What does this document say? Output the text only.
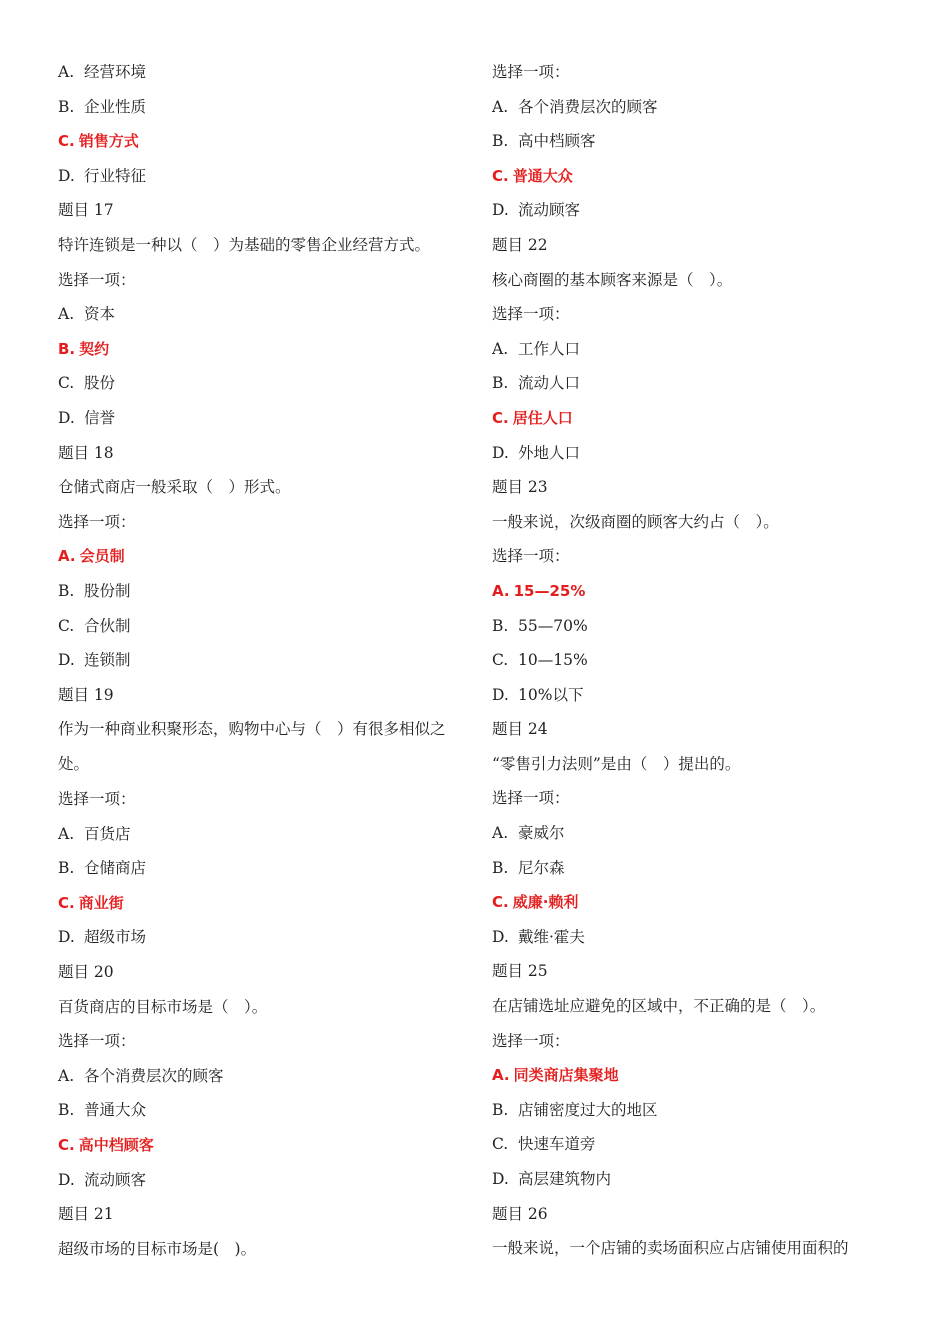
A. 经营环境
B. 企业性质
C. 销售方式
D. 行业特征
题目 17
特许连锁是一种以（　）为基础的零售企业经营方式。
选择一项：
A. 资本
B. 契约
C. 股份
D. 信誉
题目 18
仓储式商店一般采取（　）形式。
选择一项：
A. 会员制
B. 股份制
C. 合伙制
D. 连锁制
题目 19
作为一种商业积聚形态，购物中心与（　）有很多相似之处。
选择一项：
A. 百货店
B. 仓储商店
C. 商业街
D. 超级市场
题目 20
百货商店的目标市场是（　）。
选择一项：
A. 各个消费层次的顾客
B. 普通大众
C. 高中档顾客
D. 流动顾客
题目 21
超级市场的目标市场是(　)。
选择一项：
A. 各个消费层次的顾客
B. 高中档顾客
C. 普通大众
D. 流动顾客
题目 22
核心商圈的基本顾客来源是（　）。
选择一项：
A. 工作人口
B. 流动人口
C. 居住人口
D. 外地人口
题目 23
一般来说，次级商圈的顾客大约占（　）。
选择一项：
A. 15—25%
B. 55—70%
C. 10—15%
D. 10%以下
题目 24
“零售引力法则”是由（　）提出的。
选择一项：
A. 豪威尔
B. 尼尔森
C. 威廉·赖利
D. 戴维·霍夫
题目 25
在店铺选址应避免的区域中，不正确的是（　）。
选择一项：
A. 同类商店集聚地
B. 店铺密度过大的地区
C. 快速车道旁
D. 高层建筑物内
题目 26
一般来说，一个店铺的卖场面积应占店铺使用面积的
